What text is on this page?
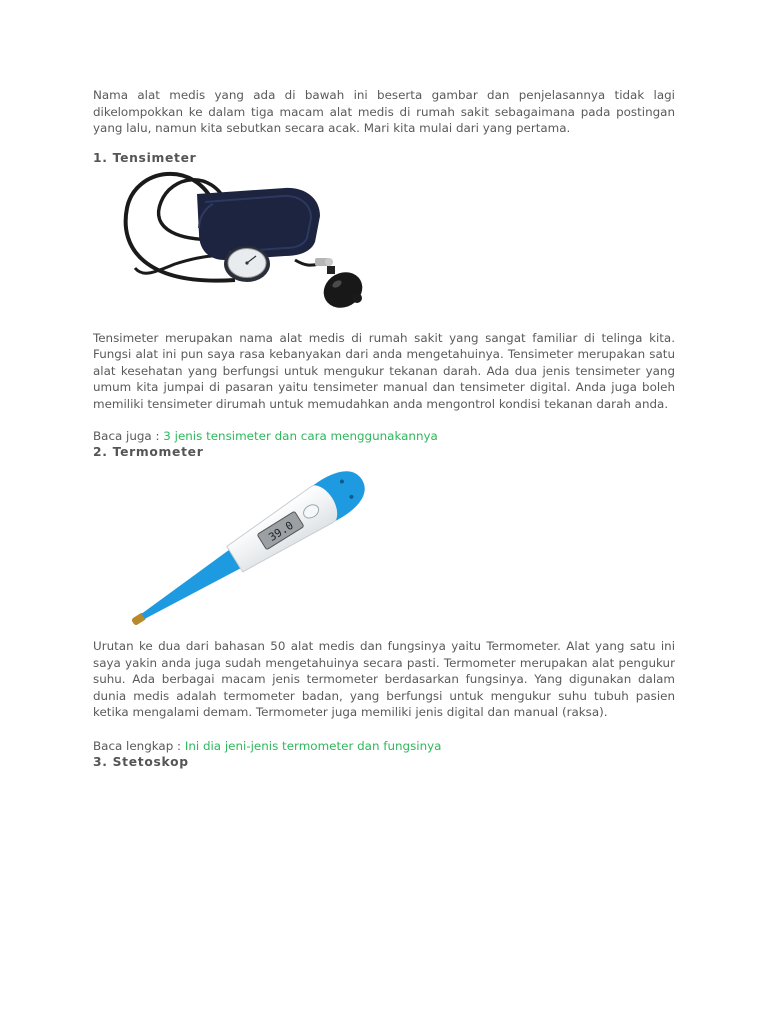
Nama alat medis yang ada di bawah ini beserta gambar dan penjelasannya tidak lagi dikelompokkan ke dalam tiga macam alat medis di rumah sakit sebagaimana pada postingan yang lalu, namun kita sebutkan secara acak. Mari kita mulai dari yang pertama.

1. Tensimeter

Tensimeter merupakan nama alat medis di rumah sakit yang sangat familiar di telinga kita. Fungsi alat ini pun saya rasa kebanyakan dari anda mengetahuinya. Tensimeter merupakan satu alat kesehatan yang berfungsi untuk mengukur tekanan darah. Ada dua jenis tensimeter yang umum kita jumpai di pasaran yaitu tensimeter manual dan tensimeter digital. Anda juga boleh memiliki tensimeter dirumah untuk memudahkan anda mengontrol kondisi tekanan darah anda.

Baca juga : 3 jenis tensimeter dan cara menggunakannya

2. Termometer
39.0

Urutan ke dua dari bahasan 50 alat medis dan fungsinya yaitu Termometer. Alat yang satu ini saya yakin anda juga sudah mengetahuinya secara pasti. Termometer merupakan alat pengukur suhu. Ada berbagai macam jenis termometer berdasarkan fungsinya. Yang digunakan dalam dunia medis adalah termometer badan, yang berfungsi untuk mengukur suhu tubuh pasien ketika mengalami demam. Termometer juga memiliki jenis digital dan manual (raksa).

Baca lengkap : Ini dia jeni-jenis termometer dan fungsinya

3. Stetoskop
